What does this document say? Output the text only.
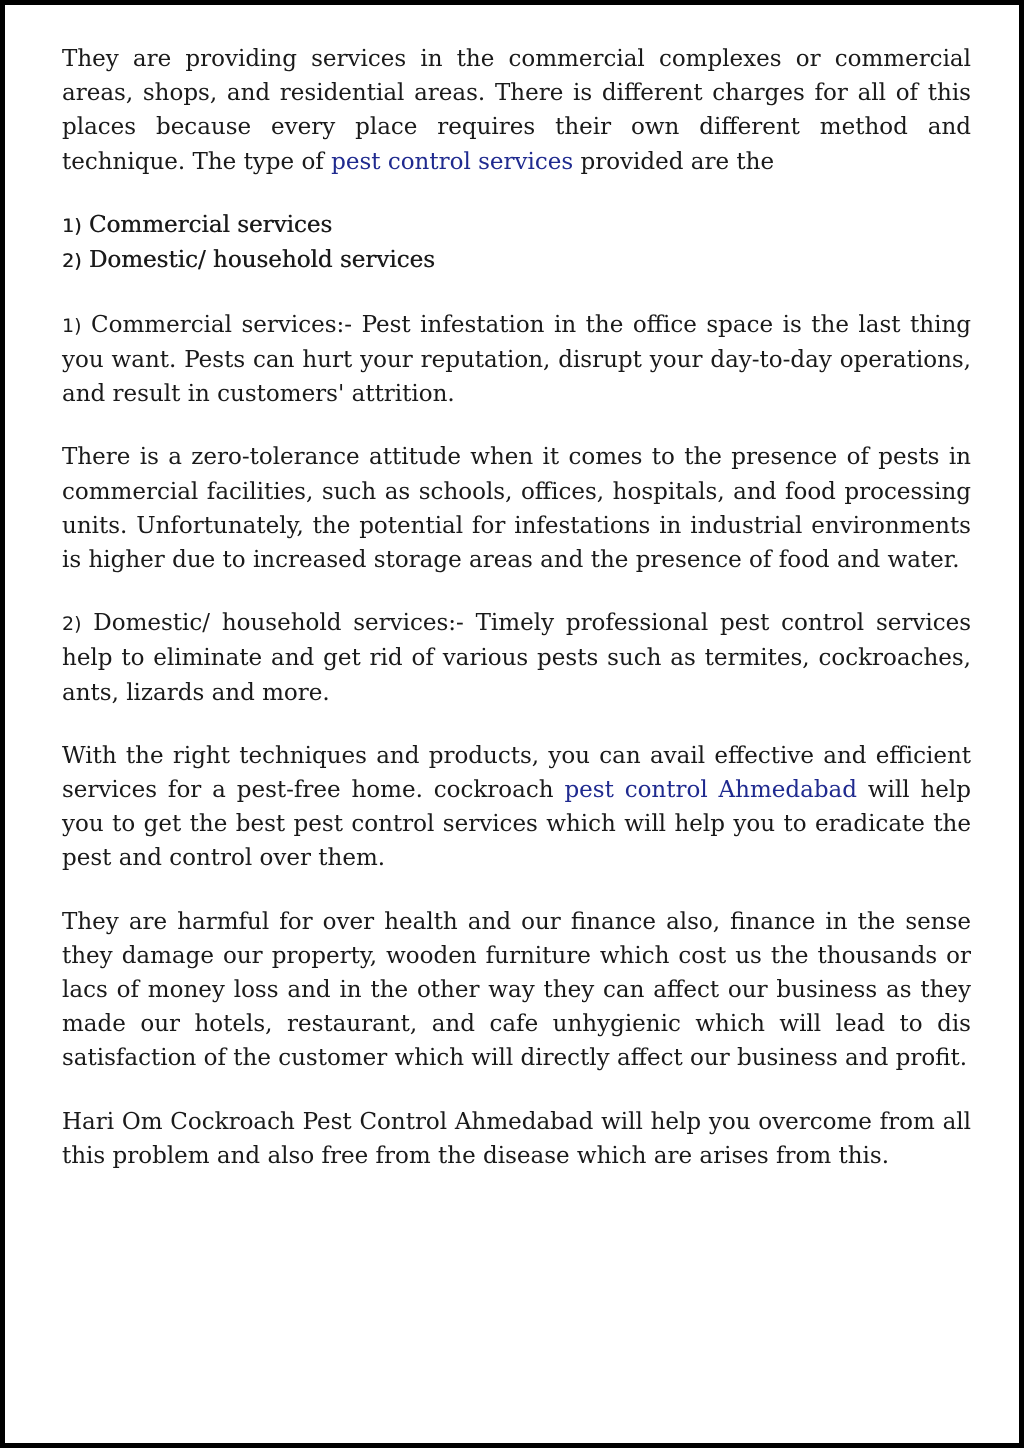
They are providing services in the commercial complexes or commercial areas, shops, and residential areas. There is different charges for all of this places because every place requires their own different method and technique. The type of pest control services provided are the

1) Commercial services
2) Domestic/ household services

1) Commercial services:- Pest infestation in the office space is the last thing you want. Pests can hurt your reputation, disrupt your day-to-day operations, and result in customers' attrition.

There is a zero-tolerance attitude when it comes to the presence of pests in commercial facilities, such as schools, offices, hospitals, and food processing units. Unfortunately, the potential for infestations in industrial environments is higher due to increased storage areas and the presence of food and water.

2) Domestic/ household services:- Timely professional pest control services help to eliminate and get rid of various pests such as termites, cockroaches, ants, lizards and more.

With the right techniques and products, you can avail effective and efficient services for a pest-free home. cockroach pest control Ahmedabad will help you to get the best pest control services which will help you to eradicate the pest and control over them.

They are harmful for over health and our finance also, finance in the sense they damage our property, wooden furniture which cost us the thousands or lacs of money loss and in the other way they can affect our business as they made our hotels, restaurant, and cafe unhygienic which will lead to dis satisfaction of the customer which will directly affect our business and profit.

Hari Om Cockroach Pest Control Ahmedabad will help you overcome from all this problem and also free from the disease which are arises from this.
